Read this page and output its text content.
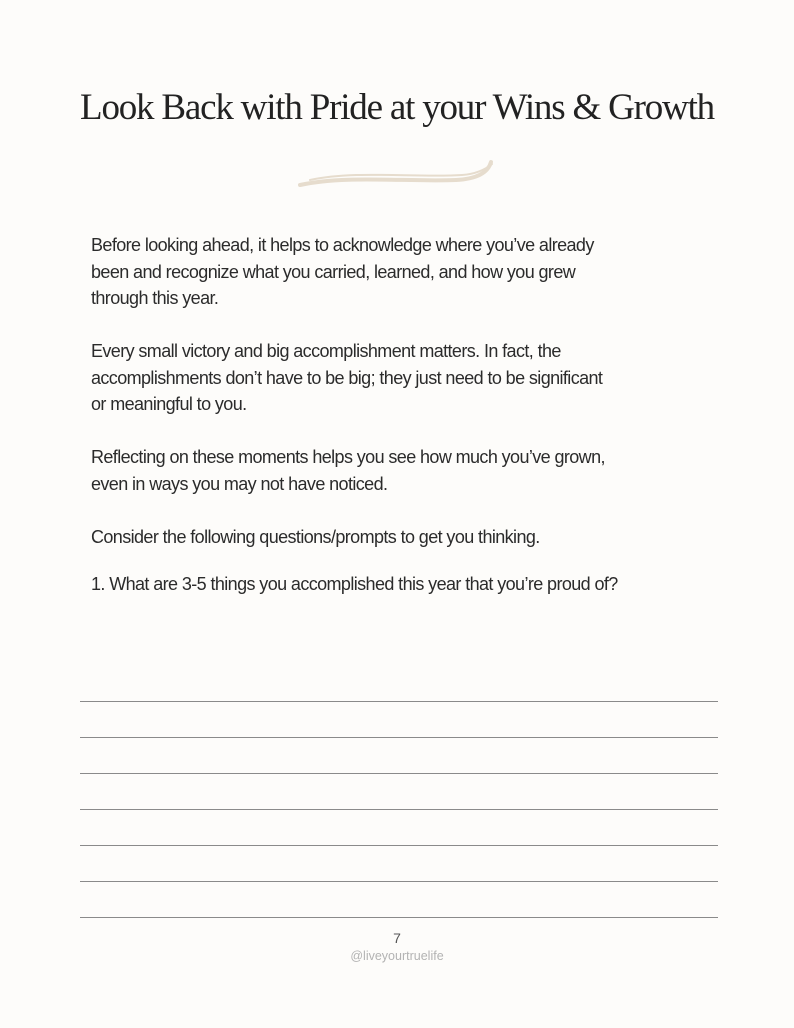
Look Back with Pride at your Wins & Growth

Before looking ahead, it helps to acknowledge where you’ve already
been and recognize what you carried, learned, and how you grew
through this year.

Every small victory and big accomplishment matters. In fact, the
accomplishments don’t have to be big; they just need to be significant
or meaningful to you.

Reflecting on these moments helps you see how much you’ve grown,
even in ways you may not have noticed.

Consider the following questions/prompts to get you thinking.

1. What are 3-5 things you accomplished this year that you’re proud of?
7
@liveyourtruelife
